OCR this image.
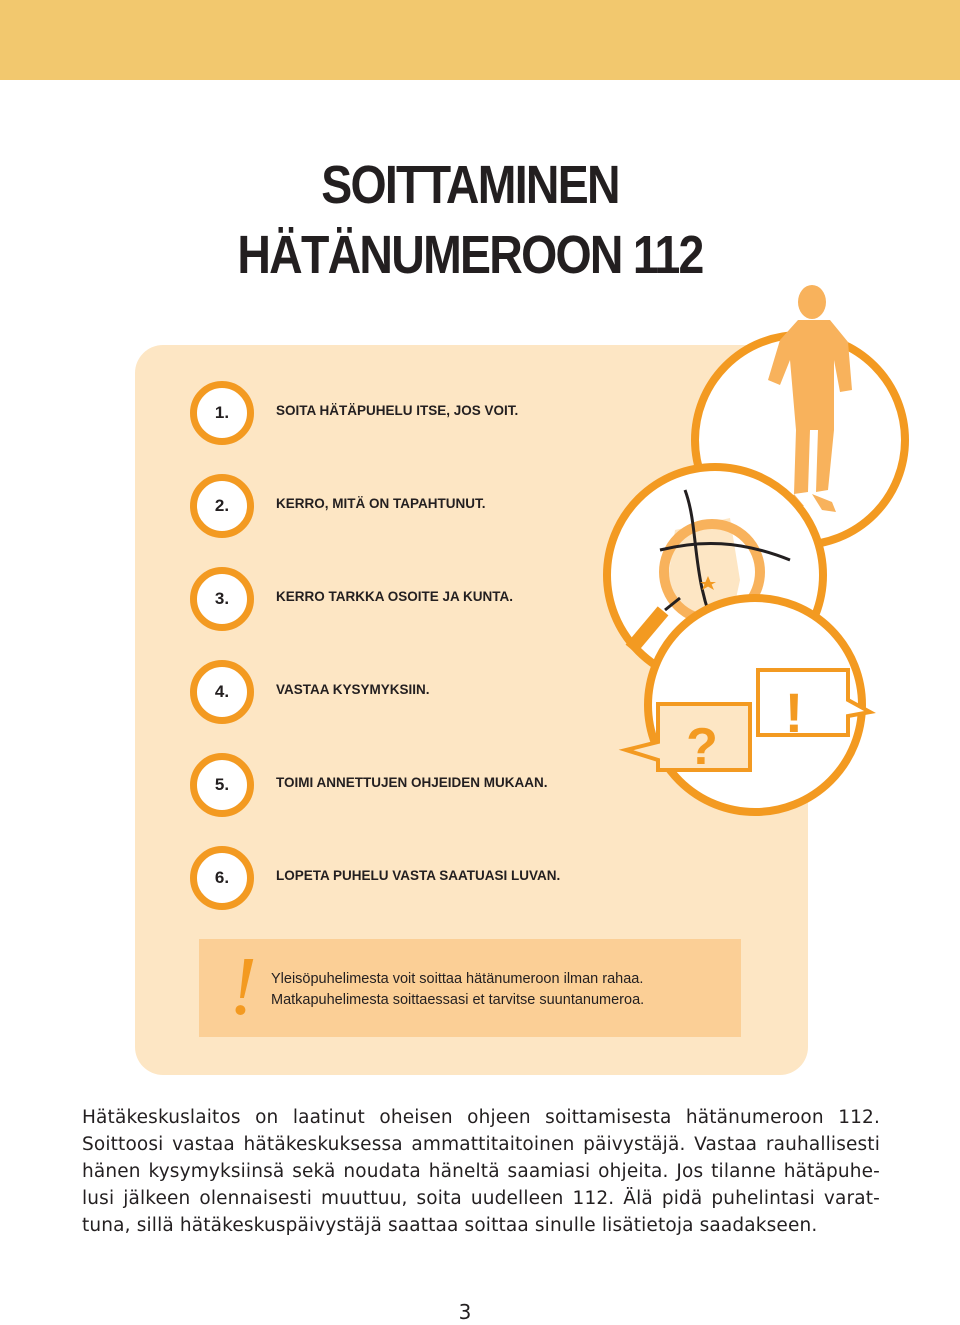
SOITTAMINEN
HÄTÄNUMEROON 112
?
!
1.	SOITA HÄTÄPUHELU ITSE, JOS VOIT.
2.	KERRO, MITÄ ON TAPAHTUNUT.
3.	KERRO TARKKA OSOITE JA KUNTA.
4.	VASTAA KYSYMYKSIIN.
5.	TOIMI ANNETTUJEN OHJEIDEN MUKAAN.
6.	LOPETA PUHELU VASTA SAATUASI LUVAN.
! Yleisöpuhelimesta voit soittaa hätänumeroon ilman rahaa.
Matkapuhelimesta soittaessasi et tarvitse suuntanumeroa.
Hätäkeskuslaitos on laatinut oheisen ohjeen soittamisesta hätänumeroon 112.
Soittoosi vastaa hätäkeskuksessa ammattitaitoinen päivystäjä. Vastaa rauhallisesti
hänen kysymyksiinsä sekä noudata häneltä saamiasi ohjeita. Jos tilanne hätäpuhe-
lusi jälkeen olennaisesti muuttuu, soita uudelleen 112. Älä pidä puhelintasi varat-
tuna, sillä hätäkeskuspäivystäjä saattaa soittaa sinulle lisätietoja saadakseen.
3
